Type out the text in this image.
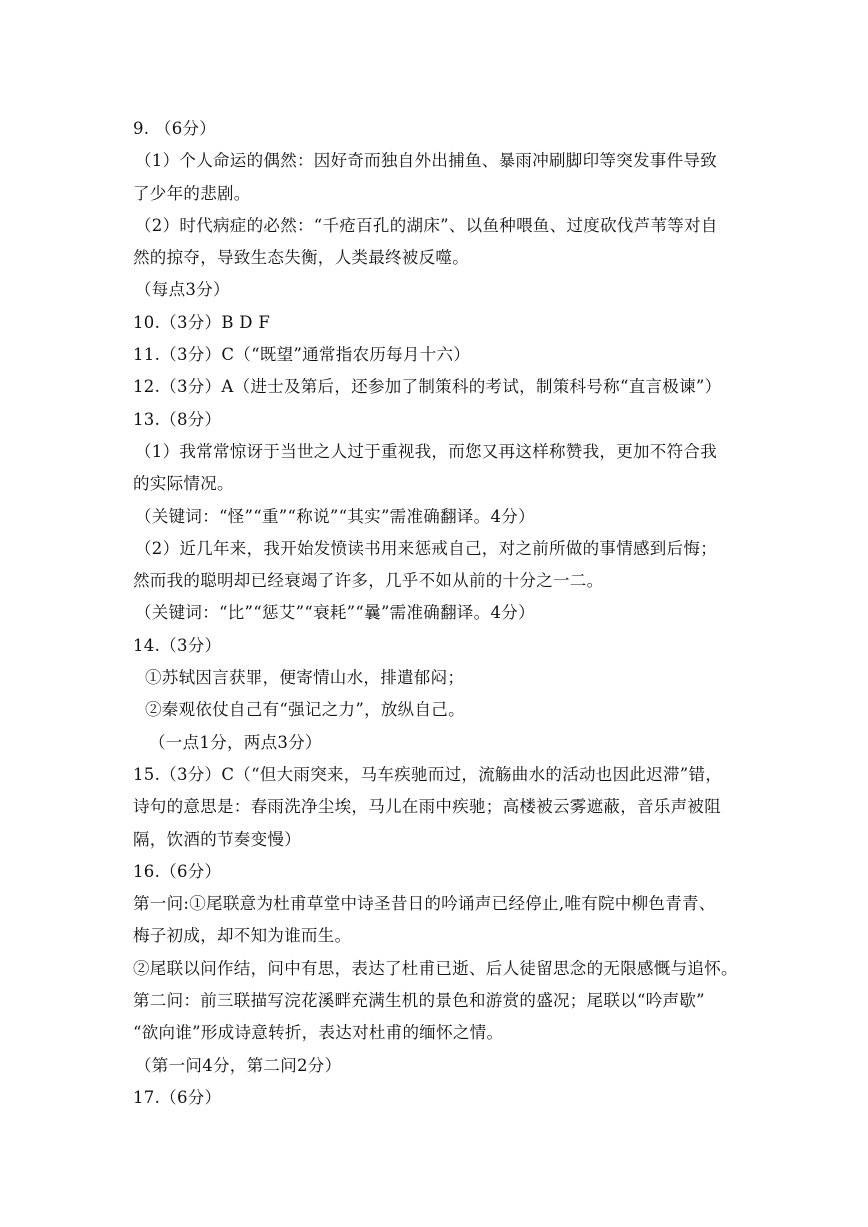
9. （6分）
（1）个人命运的偶然：因好奇而独自外出捕鱼、暴雨冲刷脚印等突发事件导致
了少年的悲剧。
（2）时代病症的必然：“千疮百孔的湖床”、以鱼种喂鱼、过度砍伐芦苇等对自
然的掠夺，导致生态失衡，人类最终被反噬。
（每点3分）
10.（3分）B D F
11.（3分）C（“既望”通常指农历每月十六）
12.（3分）A（进士及第后，还参加了制策科的考试，制策科号称“直言极谏”）
13.（8分）
（1）我常常惊讶于当世之人过于重视我，而您又再这样称赞我，更加不符合我
的实际情况。
（关键词：“怪”“重”“称说”“其实”需准确翻译。4分）
（2）近几年来，我开始发愤读书用来惩戒自己，对之前所做的事情感到后悔；
然而我的聪明却已经衰竭了许多，几乎不如从前的十分之一二。
（关键词：“比”“惩艾”“衰耗”“曩”需准确翻译。4分）
14.（3分）
①苏轼因言获罪，便寄情山水，排遣郁闷；
②秦观依仗自己有“强记之力”，放纵自己。
（一点1分，两点3分）
15.（3分）C（“但大雨突来，马车疾驰而过，流觞曲水的活动也因此迟滞”错，
诗句的意思是：春雨洗净尘埃，马儿在雨中疾驰；高楼被云雾遮蔽，音乐声被阻
隔，饮酒的节奏变慢）
16.（6分）
第一问:①尾联意为杜甫草堂中诗圣昔日的吟诵声已经停止,唯有院中柳色青青、
梅子初成，却不知为谁而生。
②尾联以问作结，问中有思，表达了杜甫已逝、后人徒留思念的无限感慨与追怀。
第二问：前三联描写浣花溪畔充满生机的景色和游赏的盛况；尾联以“吟声歇”
“欲向谁”形成诗意转折，表达对杜甫的缅怀之情。
（第一问4分，第二问2分）
17.（6分）
